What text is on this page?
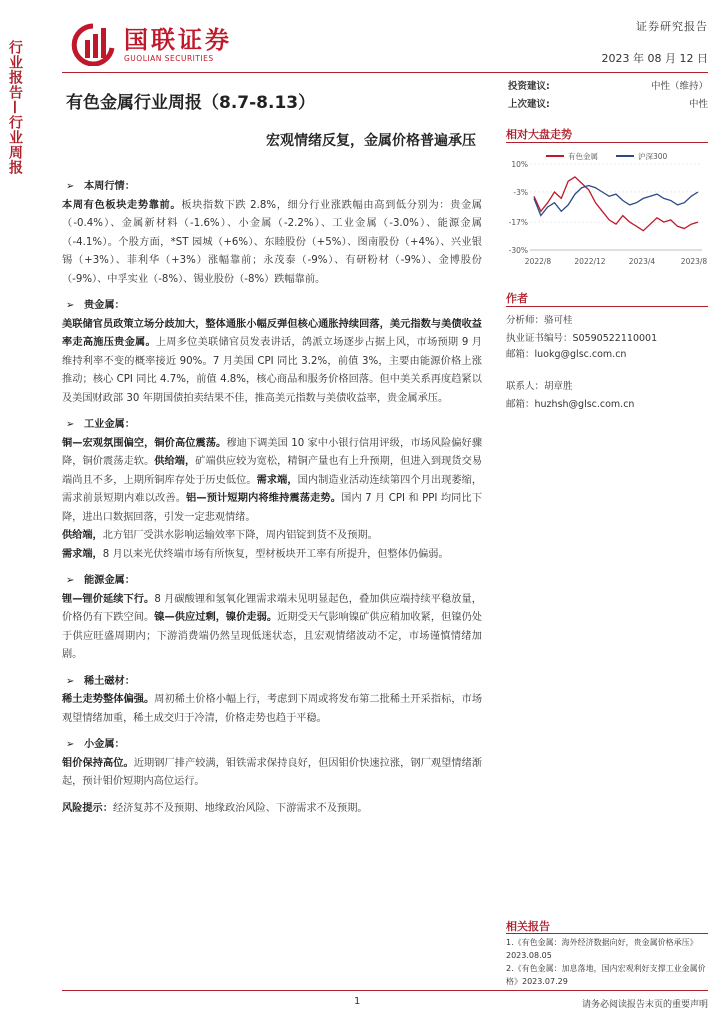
行业报告—行业周报
国联证券
GUOLIAN SECURITIES
证券研究报告
2023 年 08 月 12 日
有色金属行业周报（8.7-8.13）
宏观情绪反复，金属价格普遍承压
投资建议:	中性（维持）
上次建议:	中性
相对大盘走势
有色金属	沪深300
10%
-3%
-17%
-30%
2022/8	2022/12	2023/4	2023/8
作者
分析师：骆可桂
执业证书编号：S0590522110001
邮箱：luokg@glsc.com.cn
联系人：胡章胜
邮箱：huzhsh@glsc.com.cn
➢ 本周行情：
本周有色板块走势靠前。板块指数下跌 2.8%，细分行业涨跌幅由高到低分别为：贵金属（-0.4%）、金属新材料（-1.6%）、小金属（-2.2%）、工业金属（-3.0%）、能源金属（-4.1%）。个股方面，*ST 园城（+6%）、东睦股份（+5%）、图南股份（+4%）、兴业银锡（+3%）、菲利华（+3%）涨幅靠前；永茂泰（-9%）、有研粉材（-9%）、金博股份（-9%）、中孚实业（-8%）、锡业股份（-8%）跌幅靠前。
➢ 贵金属：
美联储官员政策立场分歧加大，整体通胀小幅反弹但核心通胀持续回落，美元指数与美债收益率走高施压贵金属。上周多位美联储官员发表讲话，鸽派立场逐步占据上风，市场预期 9 月维持利率不变的概率接近 90%。7 月美国 CPI 同比 3.2%，前值 3%，主要由能源价格上涨推动；核心 CPI 同比 4.7%，前值 4.8%，核心商品和服务价格回落。但中美关系再度趋紧以及美国财政部 30 年期国债拍卖结果不佳，推高美元指数与美债收益率，贵金属承压。
➢ 工业金属：
铜—宏观氛围偏空，铜价高位震荡。穆迪下调美国 10 家中小银行信用评级，市场风险偏好骤降，铜价震荡走软。供给端，矿端供应较为宽松，精铜产量也有上升预期，但进入到现货交易端尚且不多，上期所铜库存处于历史低位。需求端，国内制造业活动连续第四个月出现萎缩，需求前景短期内难以改善。铝—预计短期内将维持震荡走势。国内 7 月 CPI 和 PPI 均同比下降，进出口数据回落，引发一定悲观情绪。
供给端，北方铝厂受洪水影响运输效率下降，周内铝锭到货不及预期。
需求端，8 月以来光伏终端市场有所恢复，型材板块开工率有所提升，但整体仍偏弱。
➢ 能源金属：
锂—锂价延续下行。8 月碳酸锂和氢氧化锂需求端未见明显起色，叠加供应端持续平稳放量，价格仍有下跌空间。镍—供应过剩，镍价走弱。近期受天气影响镍矿供应稍加收紧，但镍仍处于供应旺盛周期内；下游消费端仍然呈现低迷状态，且宏观情绪波动不定，市场谨慎情绪加剧。
➢ 稀土磁材：
稀土走势整体偏强。周初稀土价格小幅上行，考虑到下周或将发布第二批稀土开采指标，市场观望情绪加重，稀土成交归于冷清，价格走势也趋于平稳。
➢ 小金属：
钼价保持高位。近期钢厂排产较满，钼铁需求保持良好，但因钼价快速拉涨，钢厂观望情绪渐起，预计钼价短期内高位运行。
风险提示：经济复苏不及预期、地缘政治风险、下游需求不及预期。
相关报告
1.《有色金属：海外经济数据向好，贵金属价格承压》2023.08.05
2.《有色金属：加息落地，国内宏观利好支撑工业金属价格》2023.07.29
1	请务必阅读报告末页的重要声明
